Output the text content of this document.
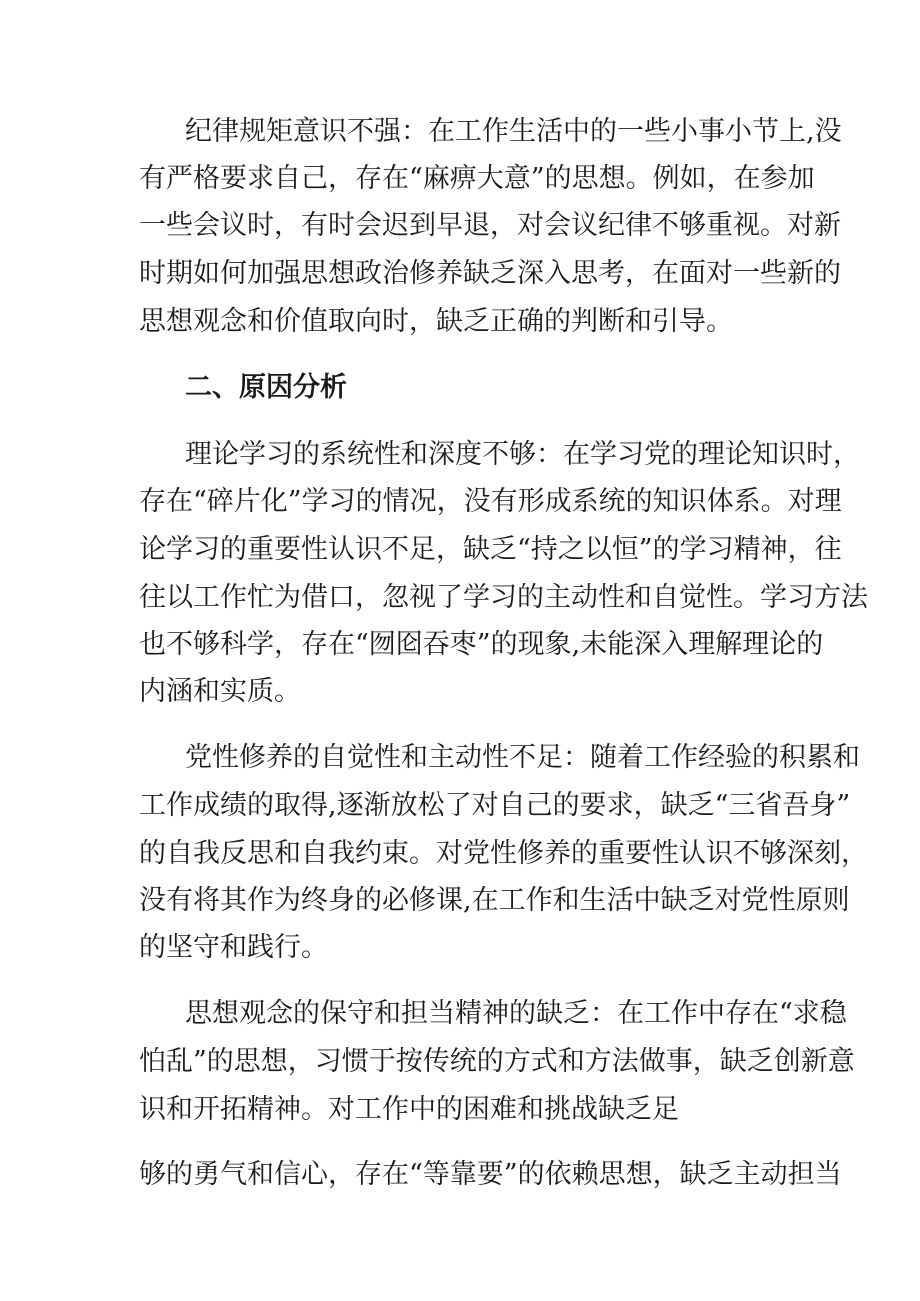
纪律规矩意识不强：在工作生活中的一些小事小节上,没
有严格要求自己，存在“麻痹大意”的思想。例如，在参加
一些会议时，有时会迟到早退，对会议纪律不够重视。对新
时期如何加强思想政治修养缺乏深入思考，在面对一些新的
思想观念和价值取向时，缺乏正确的判断和引导。
二、原因分析
理论学习的系统性和深度不够：在学习党的理论知识时，
存在“碎片化”学习的情况，没有形成系统的知识体系。对理
论学习的重要性认识不足，缺乏“持之以恒”的学习精神，往
往以工作忙为借口，忽视了学习的主动性和自觉性。学习方法
也不够科学，存在“囫囵吞枣”的现象,未能深入理解理论的
内涵和实质。
党性修养的自觉性和主动性不足：随着工作经验的积累和
工作成绩的取得,逐渐放松了对自己的要求，缺乏“三省吾身”
的自我反思和自我约束。对党性修养的重要性认识不够深刻，
没有将其作为终身的必修课,在工作和生活中缺乏对党性原则
的坚守和践行。
思想观念的保守和担当精神的缺乏：在工作中存在“求稳
怕乱”的思想，习惯于按传统的方式和方法做事，缺乏创新意
识和开拓精神。对工作中的困难和挑战缺乏足
够的勇气和信心，存在“等靠要”的依赖思想，缺乏主动担当
